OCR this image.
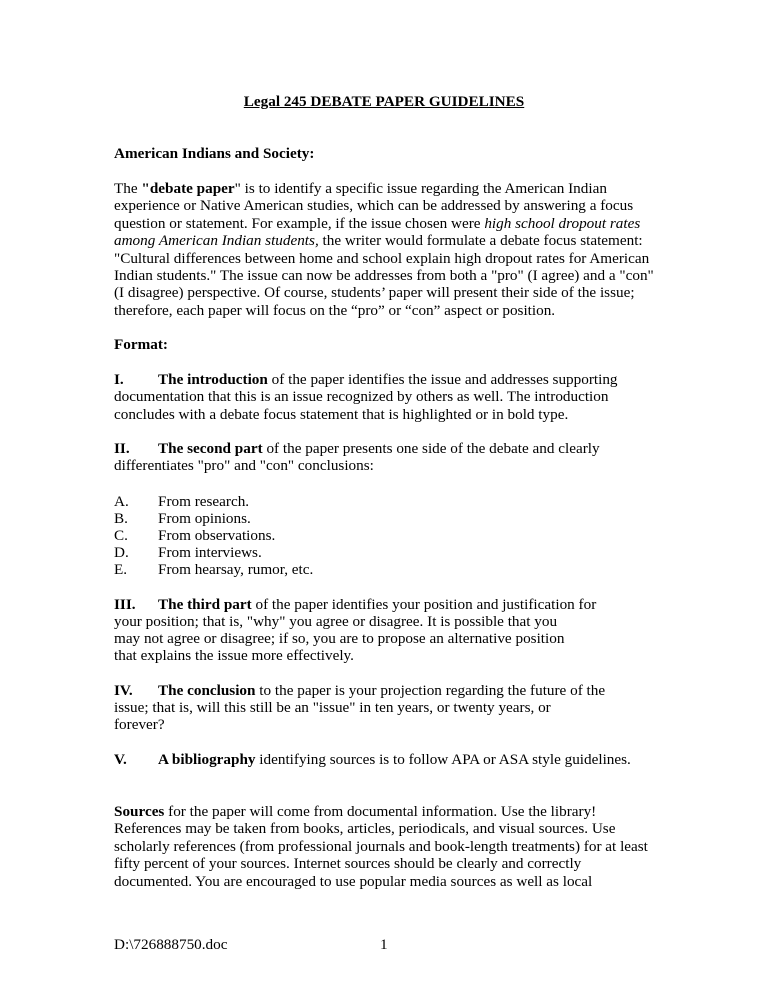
Legal 245 DEBATE PAPER GUIDELINES
American Indians and Society:
The "debate paper" is to identify a specific issue regarding the American Indian experience or Native American studies, which can be addressed by answering a focus question or statement. For example, if the issue chosen were high school dropout rates among American Indian students, the writer would formulate a debate focus statement: "Cultural differences between home and school explain high dropout rates for American Indian students." The issue can now be addresses from both a "pro" (I agree) and a "con" (I disagree) perspective. Of course, students’ paper will present their side of the issue; therefore, each paper will focus on the “pro” or “con” aspect or position.
Format:
I. The introduction of the paper identifies the issue and addresses supporting documentation that this is an issue recognized by others as well. The introduction concludes with a debate focus statement that is highlighted or in bold type.
II. The second part of the paper presents one side of the debate and clearly differentiates "pro" and "con" conclusions:
A. From research.
B. From opinions.
C. From observations.
D. From interviews.
E. From hearsay, rumor, etc.
III. The third part of the paper identifies your position and justification for
your position; that is, "why" you agree or disagree. It is possible that you
may not agree or disagree; if so, you are to propose an alternative position
that explains the issue more effectively.
IV. The conclusion to the paper is your projection regarding the future of the
issue; that is, will this still be an "issue" in ten years, or twenty years, or
forever?
V. A bibliography identifying sources is to follow APA or ASA style guidelines.
Sources for the paper will come from documental information. Use the library! References may be taken from books, articles, periodicals, and visual sources. Use scholarly references (from professional journals and book-length treatments) for at least fifty percent of your sources. Internet sources should be clearly and correctly documented. You are encouraged to use popular media sources as well as local
D:\726888750.doc	1
